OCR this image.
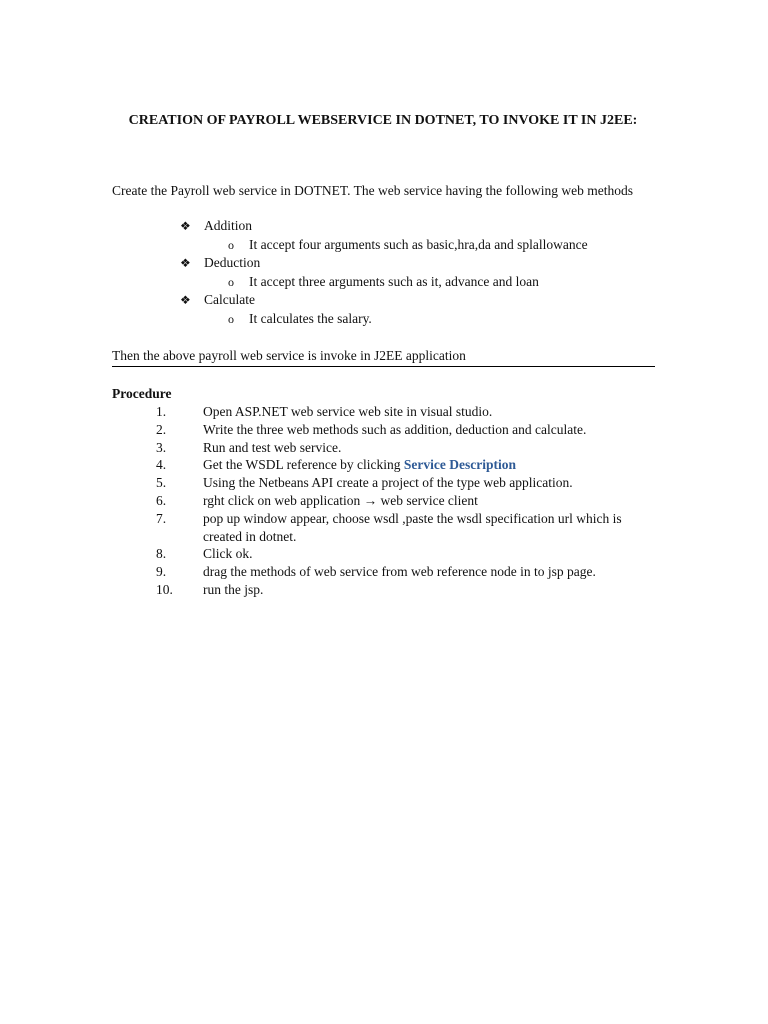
CREATION OF PAYROLL WEBSERVICE IN DOTNET, TO INVOKE IT IN J2EE:
Create the Payroll web service in DOTNET. The web service having the following web methods
❖ Addition
o It accept four arguments such as basic,hra,da and splallowance
❖ Deduction
o It accept three arguments such as it, advance and loan
❖ Calculate
o It calculates the salary.
Then the above payroll web service is invoke in J2EE application
Procedure
1.	Open ASP.NET web service web site in visual studio.
2.	Write the three web methods such as addition, deduction and calculate.
3.	Run and test web service.
4.	Get the WSDL reference by clicking Service Description
5.	Using the Netbeans API create a project of the type web application.
6.	rght click on web application → web service client
7.	pop up window appear, choose wsdl ,paste the wsdl specification url which is created in dotnet.
8.	Click ok.
9.	drag the methods of web service from web reference node in to jsp page.
10.	run the jsp.
